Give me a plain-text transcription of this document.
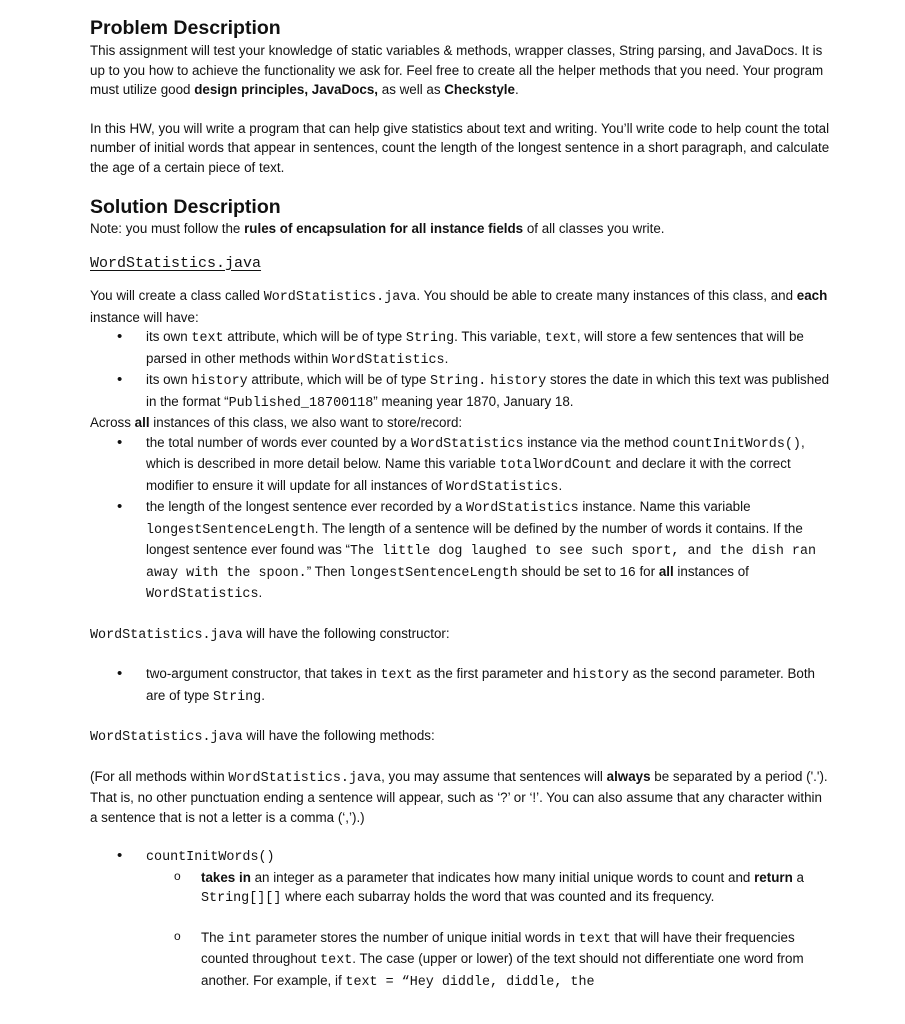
Problem Description

This assignment will test your knowledge of static variables & methods, wrapper classes, String parsing, and JavaDocs. It is up to you how to achieve the functionality we ask for. Feel free to create all the helper methods that you need. Your program must utilize good design principles, JavaDocs, as well as Checkstyle.

In this HW, you will write a program that can help give statistics about text and writing. You’ll write code to help count the total number of initial words that appear in sentences, count the length of the longest sentence in a short paragraph, and calculate the age of a certain piece of text.

Solution Description

Note: you must follow the rules of encapsulation for all instance fields of all classes you write.

WordStatistics.java

You will create a class called WordStatistics.java. You should be able to create many instances of this class, and each instance will have:

• its own text attribute, which will be of type String. This variable, text, will store a few sentences that will be parsed in other methods within WordStatistics.
• its own history attribute, which will be of type String. history stores the date in which this text was published in the format “Published_18700118” meaning year 1870, January 18.

Across all instances of this class, we also want to store/record:

• the total number of words ever counted by a WordStatistics instance via the method countInitWords(), which is described in more detail below. Name this variable totalWordCount and declare it with the correct modifier to ensure it will update for all instances of WordStatistics.
• the length of the longest sentence ever recorded by a WordStatistics instance. Name this variable longestSentenceLength. The length of a sentence will be defined by the number of words it contains. If the longest sentence ever found was “The little dog laughed to see such sport, and the dish ran away with the spoon.” Then longestSentenceLength should be set to 16 for all instances of WordStatistics.

WordStatistics.java will have the following constructor:

• two-argument constructor, that takes in text as the first parameter and history as the second parameter. Both are of type String.

WordStatistics.java will have the following methods:

(For all methods within WordStatistics.java, you may assume that sentences will always be separated by a period ('.'). That is, no other punctuation ending a sentence will appear, such as ‘?’ or ‘!’. You can also assume that any character within a sentence that is not a letter is a comma (‘,’).)

• countInitWords()
o takes in an integer as a parameter that indicates how many initial unique words to count and return a String[][] where each subarray holds the word that was counted and its frequency.
o The int parameter stores the number of unique initial words in text that will have their frequencies counted throughout text. The case (upper or lower) of the text should not differentiate one word from another. For example, if text = “Hey diddle, diddle, the
